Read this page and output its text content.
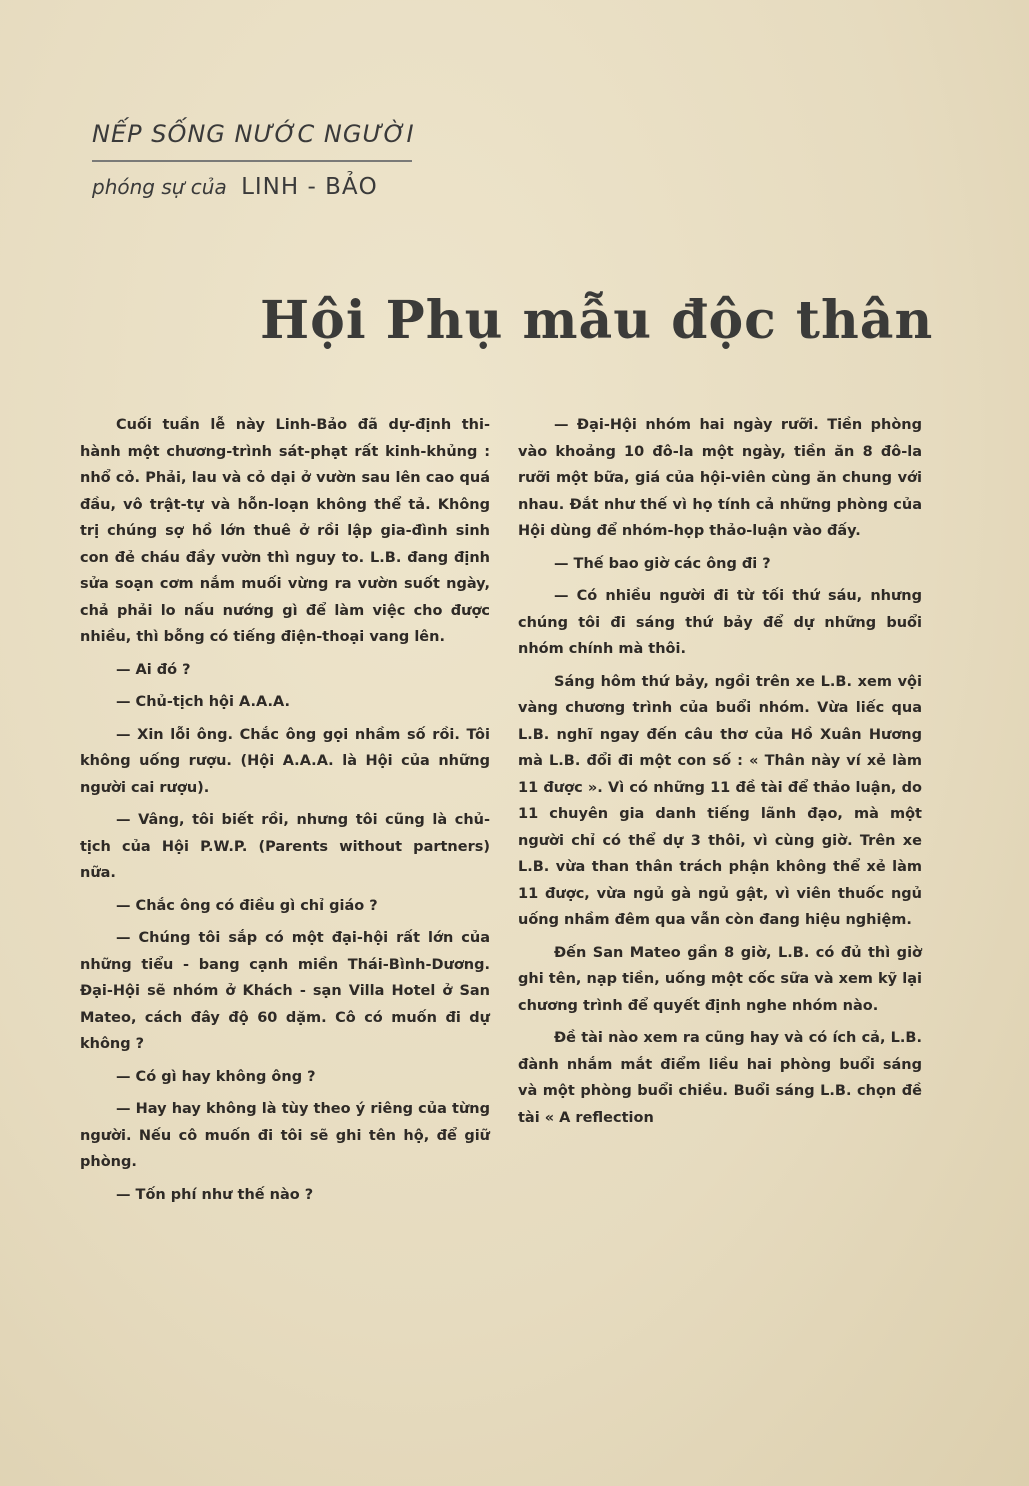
NẾP SỐNG NƯỚC NGƯỜI
phóng sự của LINH - BẢO
Hội Phụ mẫu độc thân

Cuối tuần lễ này Linh-Bảo đã dự-định thi-hành một chương-trình sát-phạt rất kinh-khủng : nhổ cỏ. Phải, lau và cỏ dại ở vườn sau lên cao quá đầu, vô trật-tự và hỗn-loạn không thể tả. Không trị chúng sợ hồ lớn thuê ở rồi lập gia-đình sinh con đẻ cháu đầy vườn thì nguy to. L.B. đang định sửa soạn cơm nắm muối vừng ra vườn suốt ngày, chả phải lo nấu nướng gì để làm việc cho được nhiều, thì bỗng có tiếng điện-thoại vang lên.

— Ai đó ?

— Chủ-tịch hội A.A.A.

— Xin lỗi ông. Chắc ông gọi nhầm số rồi. Tôi không uống rượu. (Hội A.A.A. là Hội của những người cai rượu).

— Vâng, tôi biết rồi, nhưng tôi cũng là chủ-tịch của Hội P.W.P. (Parents without partners) nữa.

— Chắc ông có điều gì chỉ giáo ?

— Chúng tôi sắp có một đại-hội rất lớn của những tiểu - bang cạnh miền Thái-Bình-Dương. Đại-Hội sẽ nhóm ở Khách - sạn Villa Hotel ở San Mateo, cách đây độ 60 dặm. Cô có muốn đi dự không ?

— Có gì hay không ông ?

— Hay hay không là tùy theo ý riêng của từng người. Nếu cô muốn đi tôi sẽ ghi tên hộ, để giữ phòng.

— Tốn phí như thế nào ?

— Đại-Hội nhóm hai ngày rưỡi. Tiền phòng vào khoảng 10 đô-la một ngày, tiền ăn 8 đô-la rưỡi một bữa, giá của hội-viên cùng ăn chung với nhau. Đắt như thế vì họ tính cả những phòng của Hội dùng để nhóm-họp thảo-luận vào đấy.

— Thế bao giờ các ông đi ?

— Có nhiều người đi từ tối thứ sáu, nhưng chúng tôi đi sáng thứ bảy để dự những buổi nhóm chính mà thôi.

Sáng hôm thứ bảy, ngồi trên xe L.B. xem vội vàng chương trình của buổi nhóm. Vừa liếc qua L.B. nghĩ ngay đến câu thơ của Hồ Xuân Hương mà L.B. đổi đi một con số : « Thân này ví xẻ làm 11 được ». Vì có những 11 đề tài để thảo luận, do 11 chuyên gia danh tiếng lãnh đạo, mà một người chỉ có thể dự 3 thôi, vì cùng giờ. Trên xe L.B. vừa than thân trách phận không thể xẻ làm 11 được, vừa ngủ gà ngủ gật, vì viên thuốc ngủ uống nhầm đêm qua vẫn còn đang hiệu nghiệm.

Đến San Mateo gần 8 giờ, L.B. có đủ thì giờ ghi tên, nạp tiền, uống một cốc sữa và xem kỹ lại chương trình để quyết định nghe nhóm nào.

Đề tài nào xem ra cũng hay và có ích cả, L.B. đành nhắm mắt điểm liều hai phòng buổi sáng và một phòng buổi chiều. Buổi sáng L.B. chọn đề tài « A reflection
